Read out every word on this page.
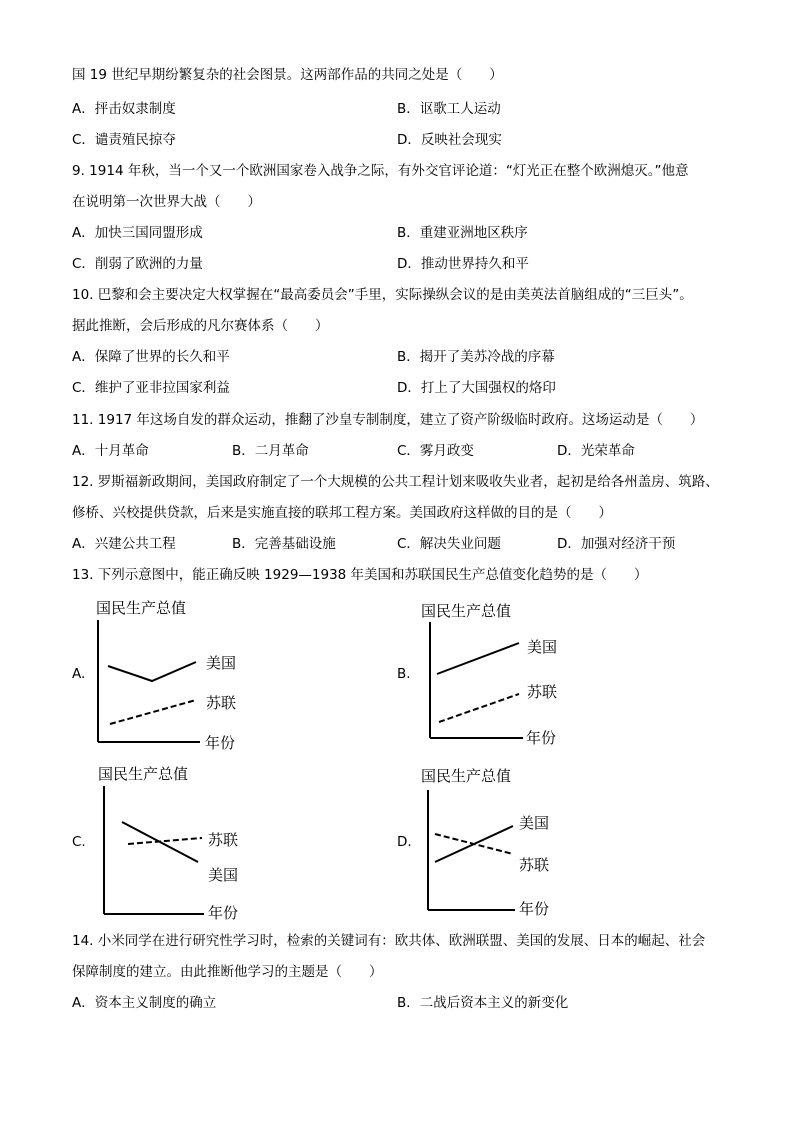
国 19 世纪早期纷繁复杂的社会图景。这两部作品的共同之处是（　　）
A．抨击奴隶制度	B．讴歌工人运动
C．谴责殖民掠夺	D．反映社会现实
9. 1914 年秋，当一个又一个欧洲国家卷入战争之际，有外交官评论道：“灯光正在整个欧洲熄灭。”他意
在说明第一次世界大战（　　）
A．加快三国同盟形成	B．重建亚洲地区秩序
C．削弱了欧洲的力量	D．推动世界持久和平
10. 巴黎和会主要决定大权掌握在“最高委员会”手里，实际操纵会议的是由美英法首脑组成的“三巨头”。
据此推断，会后形成的凡尔赛体系（　　）
A．保障了世界的长久和平	B．揭开了美苏冷战的序幕
C．维护了亚非拉国家利益	D．打上了大国强权的烙印
11. 1917 年这场自发的群众运动，推翻了沙皇专制制度，建立了资产阶级临时政府。这场运动是（　　）
A．十月革命	B．二月革命	C．雾月政变	D．光荣革命
12. 罗斯福新政期间，美国政府制定了一个大规模的公共工程计划来吸收失业者，起初是给各州盖房、筑路、
修桥、兴校提供贷款，后来是实施直接的联邦工程方案。美国政府这样做的目的是（　　）
A．兴建公共工程	B．完善基础设施	C．解决失业问题	D．加强对经济干预
13. 下列示意图中，能正确反映 1929—1938 年美国和苏联国民生产总值变化趋势的是（　　）
A.
国民生产总值
年份
美国
苏联
B.
国民生产总值
年份
美国
苏联
C.
国民生产总值
年份
苏联
美国
D.
国民生产总值
年份
美国
苏联
14. 小米同学在进行研究性学习时，检索的关键词有：欧共体、欧洲联盟、美国的发展、日本的崛起、社会
保障制度的建立。由此推断他学习的主题是（　　）
A．资本主义制度的确立	B．二战后资本主义的新变化
